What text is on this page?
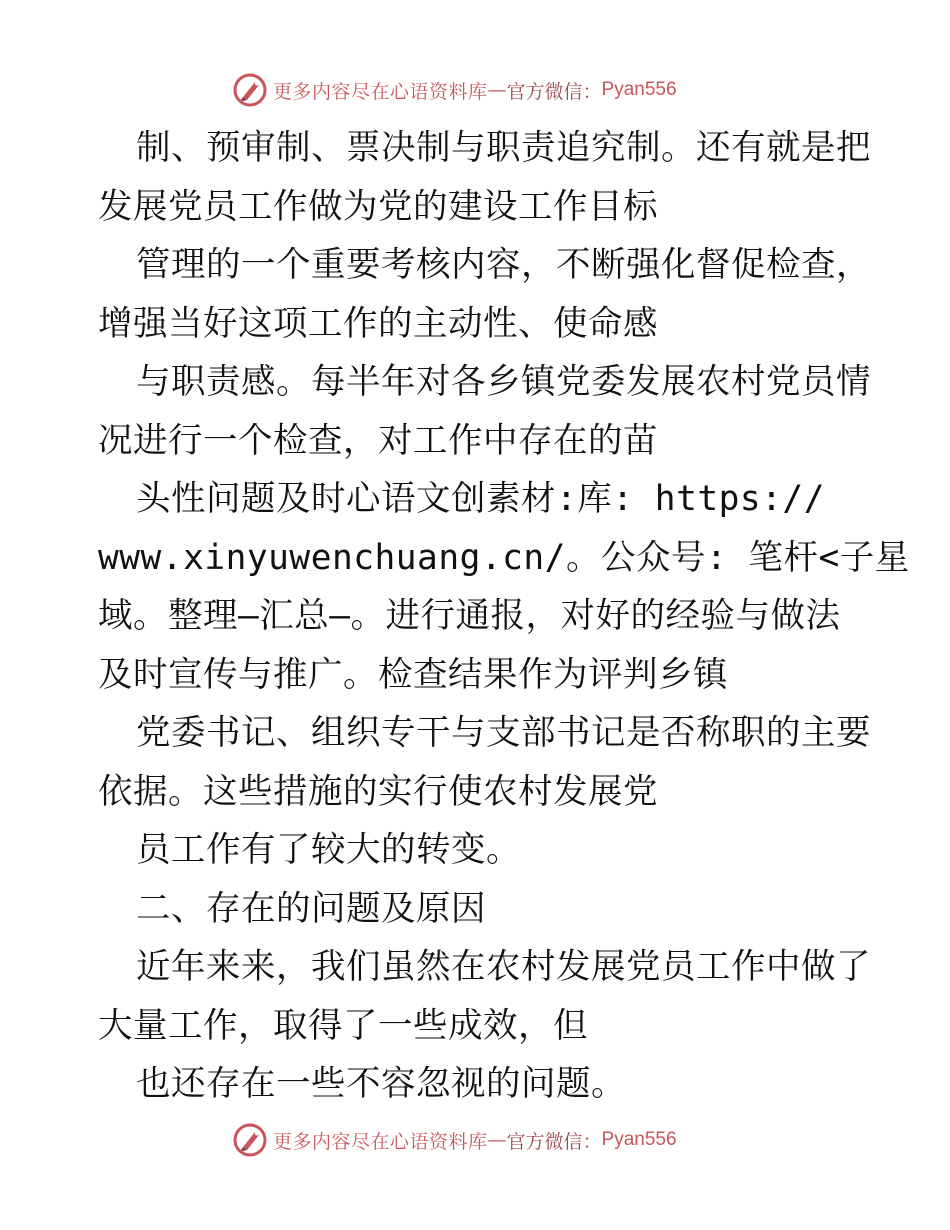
更多内容尽在心语资料库 — 官方微信： Pyan556
制、预审制、票决制与职责追究制。还有就是把
发展党员工作做为党的建设工作目标
管理的一个重要考核内容，不断强化督促检查，
增强当好这项工作的主动性、使命感
与职责感。每半年对各乡镇党委发展农村党员情
况进行一个检查，对工作中存在的苗
头性问题及时心语文创素材:库: https://
www.xinyuwenchuang.cn/。公众号: 笔杆<子星
域。整理—汇总—。进行通报，对好的经验与做法
及时宣传与推广。检查结果作为评判乡镇
党委书记、组织专干与支部书记是否称职的主要
依据。这些措施的实行使农村发展党
员工作有了较大的转变。
二、存在的问题及原因
近年来来，我们虽然在农村发展党员工作中做了
大量工作，取得了一些成效，但
也还存在一些不容忽视的问题。
更多内容尽在心语资料库 — 官方微信： Pyan556
